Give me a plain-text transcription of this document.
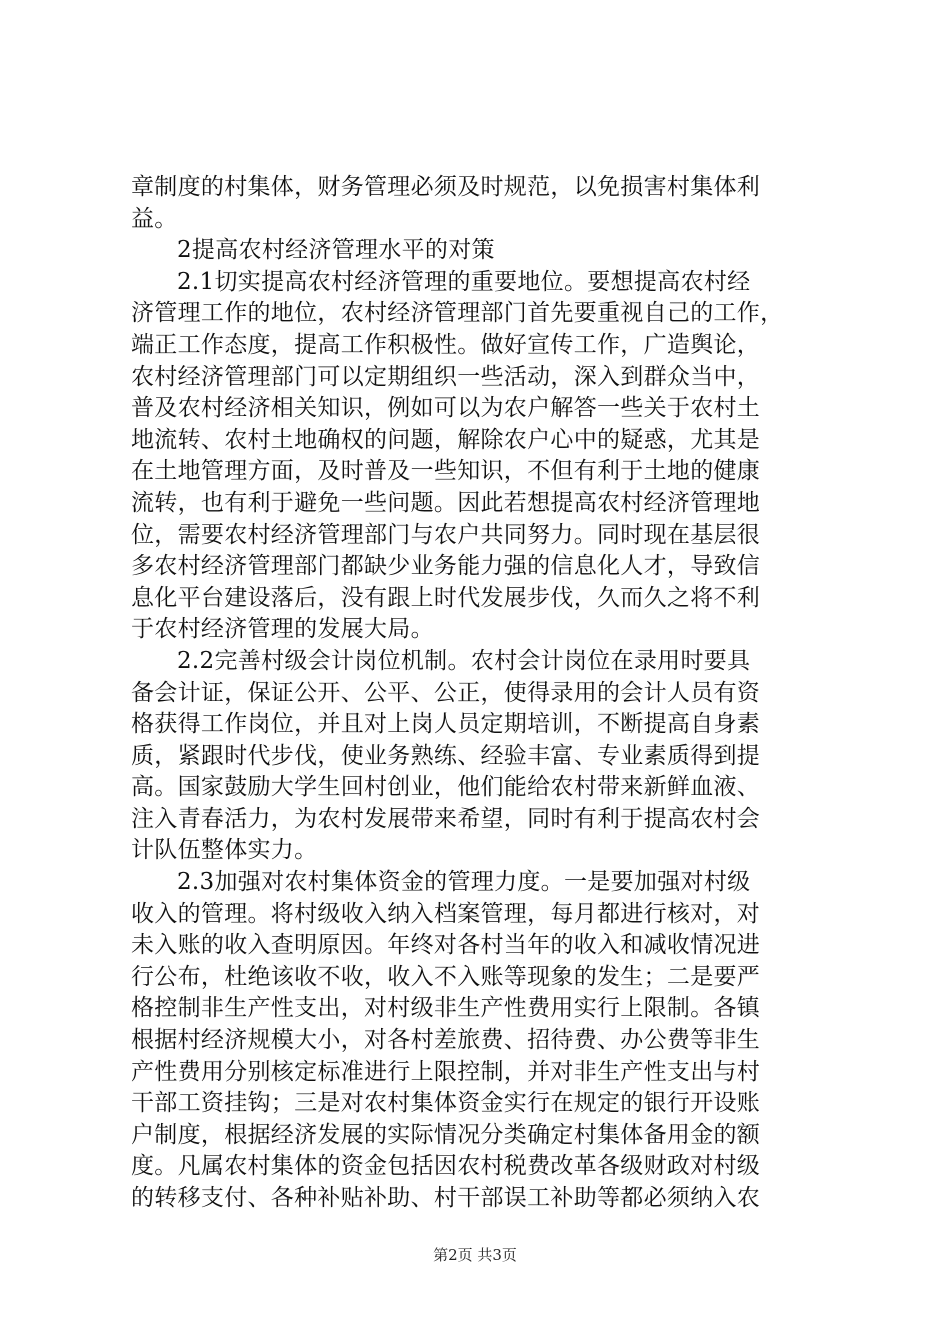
章制度的村集体，财务管理必须及时规范，以免损害村集体利
益。
2提高农村经济管理水平的对策
2.1切实提高农村经济管理的重要地位。要想提高农村经
济管理工作的地位，农村经济管理部门首先要重视自己的工作，
端正工作态度，提高工作积极性。做好宣传工作，广造舆论，
农村经济管理部门可以定期组织一些活动，深入到群众当中，
普及农村经济相关知识，例如可以为农户解答一些关于农村土
地流转、农村土地确权的问题，解除农户心中的疑惑，尤其是
在土地管理方面，及时普及一些知识，不但有利于土地的健康
流转，也有利于避免一些问题。因此若想提高农村经济管理地
位，需要农村经济管理部门与农户共同努力。同时现在基层很
多农村经济管理部门都缺少业务能力强的信息化人才，导致信
息化平台建设落后，没有跟上时代发展步伐，久而久之将不利
于农村经济管理的发展大局。
2.2完善村级会计岗位机制。农村会计岗位在录用时要具
备会计证，保证公开、公平、公正，使得录用的会计人员有资
格获得工作岗位，并且对上岗人员定期培训，不断提高自身素
质，紧跟时代步伐，使业务熟练、经验丰富、专业素质得到提
高。国家鼓励大学生回村创业，他们能给农村带来新鲜血液、
注入青春活力，为农村发展带来希望，同时有利于提高农村会
计队伍整体实力。
2.3加强对农村集体资金的管理力度。一是要加强对村级
收入的管理。将村级收入纳入档案管理，每月都进行核对，对
未入账的收入查明原因。年终对各村当年的收入和减收情况进
行公布，杜绝该收不收，收入不入账等现象的发生；二是要严
格控制非生产性支出，对村级非生产性费用实行上限制。各镇
根据村经济规模大小，对各村差旅费、招待费、办公费等非生
产性费用分别核定标准进行上限控制，并对非生产性支出与村
干部工资挂钩；三是对农村集体资金实行在规定的银行开设账
户制度，根据经济发展的实际情况分类确定村集体备用金的额
度。凡属农村集体的资金包括因农村税费改革各级财政对村级
的转移支付、各种补贴补助、村干部误工补助等都必须纳入农
第2页 共3页
